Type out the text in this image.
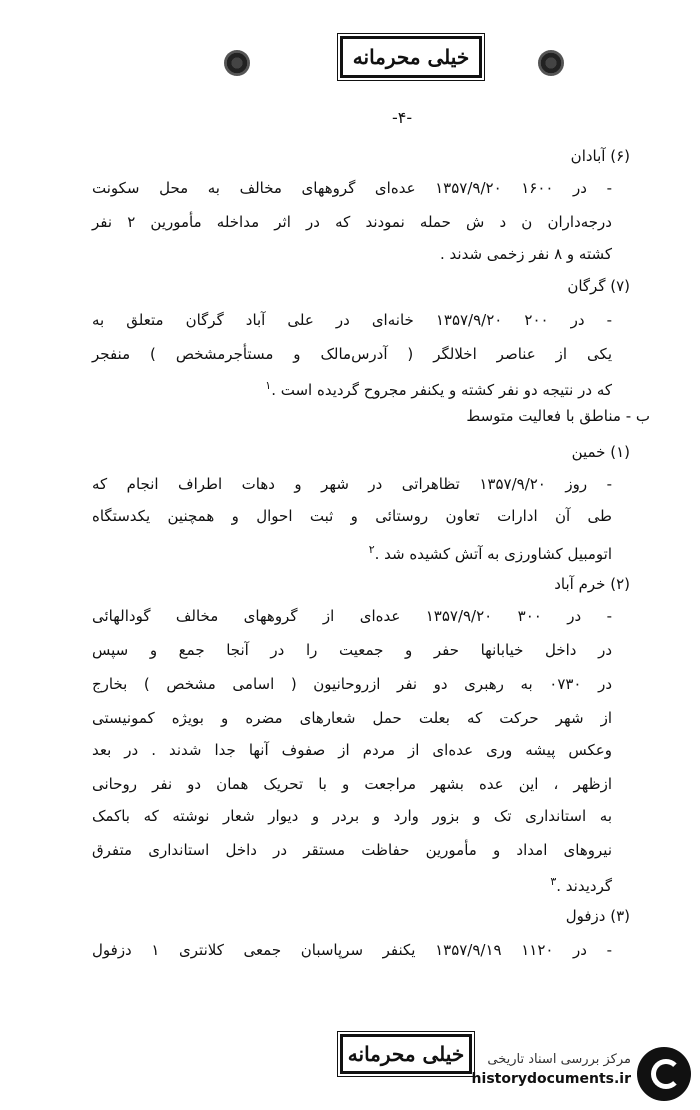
خیلی محرمانه
-۴-
(۶) آبادان
- در ۱۶۰۰ ۱۳۵۷/۹/۲۰ عده‌ای گروههای مخالف به محل سکونت
درجه‌داران ن د ش حمله نمودند که در اثر مداخله مأمورین ۲ نفر
کشته و ۸ نفر زخمی شدند .
(۷) گرگان
- در ۲۰۰ ۱۳۵۷/۹/۲۰ خانه‌ای در علی آباد گرگان متعلق به
یکی از عناصر اخلالگر ( آدرس‌مالک و مستأجرمشخص ) منفجر
که در نتیجه دو نفر کشته و یکنفر مجروح گردیده است .$^۱$
ب - مناطق با فعالیت متوسط
(۱) خمین
- روز ۱۳۵۷/۹/۲۰ تظاهراتی در شهر و دهات اطراف انجام که
طی آن ادارات تعاون روستائی و ثبت احوال و همچنین یکدستگاه
اتومبیل کشاورزی به آتش کشیده شد .$^۲$
(۲) خرم آباد
- در ۳۰۰ ۱۳۵۷/۹/۲۰ عده‌ای از گروههای مخالف گودالهائی
در داخل خیابانها حفر و جمعیت را در آنجا جمع و سپس
در ۰۷۳۰ به رهبری دو نفر ازروحانیون ( اسامی مشخص ) بخارج
از شهر حرکت که بعلت حمل شعارهای مضره و بویژه کمونیستی
وعکس پیشه وری عده‌ای از مردم از صفوف آنها جدا شدند . در بعد
ازظهر ، این عده بشهر مراجعت و با تحریک همان دو نفر روحانی
به استانداری تک و بزور وارد و بردر و دیوار شعار نوشته که باکمک
نیروهای امداد و مأمورین حفاظت مستقر در داخل استانداری متفرق
گردیدند .$^۳$
(۳) دزفول
- در ۱۱۲۰ ۱۳۵۷/۹/۱۹ یکنفر سرپاسبان جمعی کلانتری ۱ دزفول
خیلی محرمانه	مرکز بررسی اسناد تاریخی
historydocuments.ir
